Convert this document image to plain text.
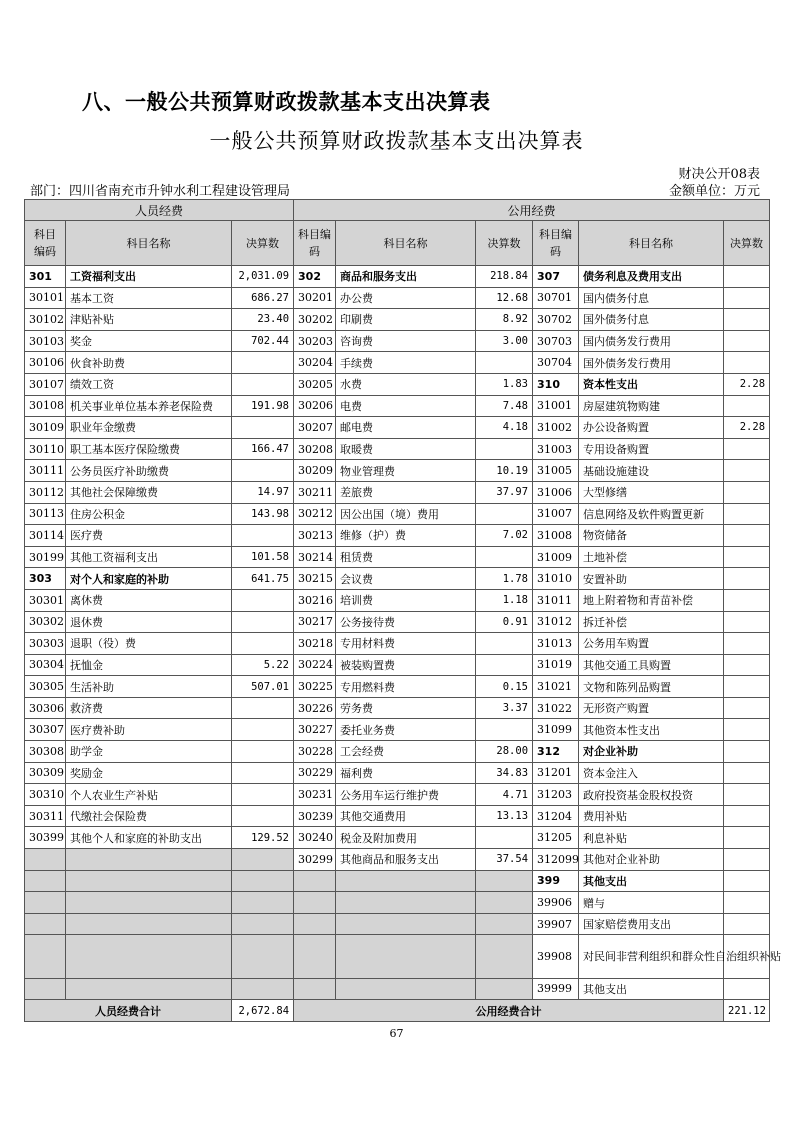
八、一般公共预算财政拨款基本支出决算表
一般公共预算财政拨款基本支出决算表
财决公开08表
部门：四川省南充市升钟水利工程建设管理局	金额单位：万元
人员经费			公用经费					
科目编码	科目名称	决算数	科目编码	科目名称	决算数	科目编码	科目名称	决算数
301	工资福利支出	2,031.09	302	商品和服务支出	218.84	307	债务利息及费用支出	
30101	基本工资	686.27	30201	办公费	12.68	30701	国内债务付息	
30102	津贴补贴	23.40	30202	印刷费	8.92	30702	国外债务付息	
30103	奖金	702.44	30203	咨询费	3.00	30703	国内债务发行费用	
30106	伙食补助费		30204	手续费		30704	国外债务发行费用	
30107	绩效工资		30205	水费	1.83	310	资本性支出	2.28
30108	机关事业单位基本养老保险费	191.98	30206	电费	7.48	31001	房屋建筑物购建	
30109	职业年金缴费		30207	邮电费	4.18	31002	办公设备购置	2.28
30110	职工基本医疗保险缴费	166.47	30208	取暖费		31003	专用设备购置	
30111	公务员医疗补助缴费		30209	物业管理费	10.19	31005	基础设施建设	
30112	其他社会保障缴费	14.97	30211	差旅费	37.97	31006	大型修缮	
30113	住房公积金	143.98	30212	因公出国（境）费用		31007	信息网络及软件购置更新	
30114	医疗费		30213	维修（护）费	7.02	31008	物资储备	
30199	其他工资福利支出	101.58	30214	租赁费		31009	土地补偿	
303	对个人和家庭的补助	641.75	30215	会议费	1.78	31010	安置补助	
30301	离休费		30216	培训费	1.18	31011	地上附着物和青苗补偿	
30302	退休费		30217	公务接待费	0.91	31012	拆迁补偿	
30303	退职（役）费		30218	专用材料费		31013	公务用车购置	
30304	抚恤金	5.22	30224	被装购置费		31019	其他交通工具购置	
30305	生活补助	507.01	30225	专用燃料费	0.15	31021	文物和陈列品购置	
30306	救济费		30226	劳务费	3.37	31022	无形资产购置	
30307	医疗费补助		30227	委托业务费		31099	其他资本性支出	
30308	助学金		30228	工会经费	28.00	312	对企业补助	
30309	奖励金		30229	福利费	34.83	31201	资本金注入	
30310	个人农业生产补贴		30231	公务用车运行维护费	4.71	31203	政府投资基金股权投资	
30311	代缴社会保险费		30239	其他交通费用	13.13	31204	费用补贴	
30399	其他个人和家庭的补助支出	129.52	30240	税金及附加费用		31205	利息补贴	
			30299	其他商品和服务支出	37.54	312099	其他对企业补助	
						399	其他支出	
						39906	赠与	
						39907	国家赔偿费用支出	
						39908	对民间非营利组织和群众性自治组织补贴	
						39999	其他支出	
人员经费合计		2,672.84	公用经费合计					221.12
67
